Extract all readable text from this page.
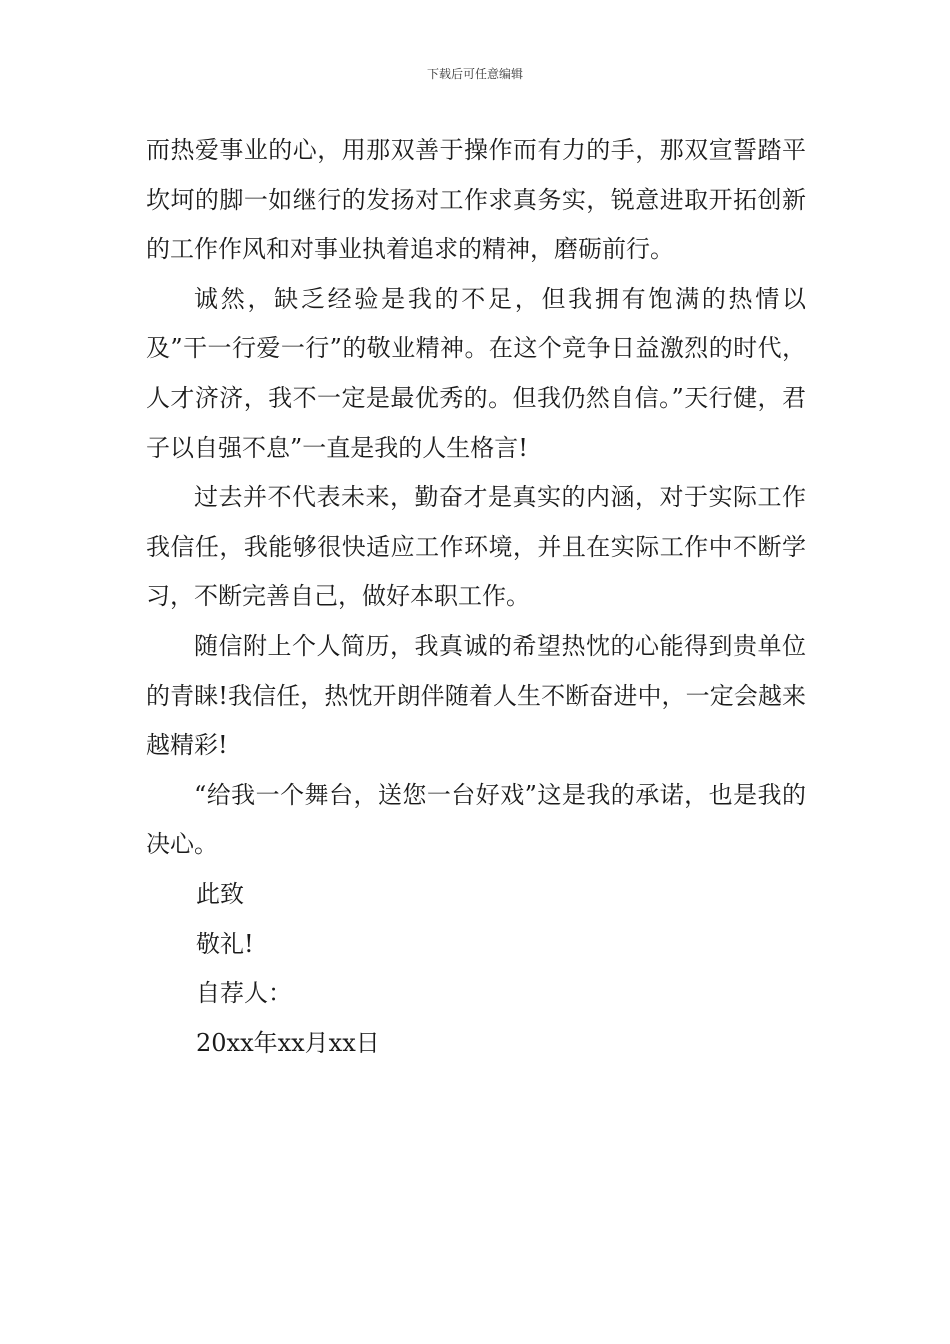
下载后可任意编辑

而热爱事业的心，用那双善于操作而有力的手，那双宣誓踏平坎坷的脚一如继行的发扬对工作求真务实，锐意进取开拓创新的工作作风和对事业执着追求的精神，磨砺前行。

诚然，缺乏经验是我的不足，但我拥有饱满的热情以及”干一行爱一行”的敬业精神。在这个竞争日益激烈的时代，人才济济，我不一定是最优秀的。但我仍然自信。”天行健，君子以自强不息”一直是我的人生格言!

过去并不代表未来，勤奋才是真实的内涵，对于实际工作我信任，我能够很快适应工作环境，并且在实际工作中不断学习，不断完善自己，做好本职工作。

随信附上个人简历，我真诚的希望热忱的心能得到贵单位的青睐!我信任，热忱开朗伴随着人生不断奋进中，一定会越来越精彩!

“给我一个舞台，送您一台好戏”这是我的承诺，也是我的决心。

此致

敬礼!

自荐人：

20xx年xx月xx日
